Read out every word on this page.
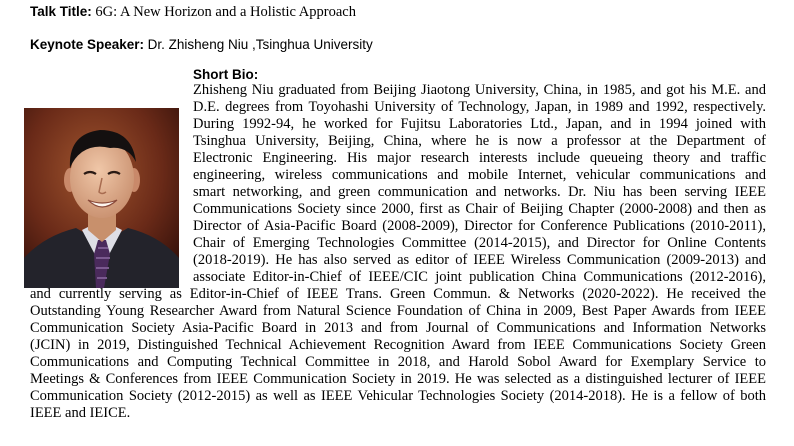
Talk Title: 6G: A New Horizon and a Holistic Approach
Keynote Speaker: Dr. Zhisheng Niu ,Tsinghua University
Short Bio:
Zhisheng Niu graduated from Beijing Jiaotong University, China, in 1985, and got his M.E. and
D.E. degrees from Toyohashi University of Technology, Japan, in 1989 and 1992, respectively.
During 1992-94, he worked for Fujitsu Laboratories Ltd., Japan, and in 1994 joined with
Tsinghua University, Beijing, China, where he is now a professor at the Department of
Electronic Engineering. His major research interests include queueing theory and traffic
engineering, wireless communications and mobile Internet, vehicular communications and
smart networking, and green communication and networks. Dr. Niu has been serving IEEE
Communications Society since 2000, first as Chair of Beijing Chapter (2000-2008) and then as
Director of Asia-Pacific Board (2008-2009), Director for Conference Publications (2010-2011),
Chair of Emerging Technologies Committee (2014-2015), and Director for Online Contents
(2018-2019). He has also served as editor of IEEE Wireless Communication (2009-2013) and
associate Editor-in-Chief of IEEE/CIC joint publication China Communications (2012-2016),
and currently serving as Editor-in-Chief of IEEE Trans. Green Commun. & Networks (2020-2022). He received the
Outstanding Young Researcher Award from Natural Science Foundation of China in 2009, Best Paper Awards from IEEE
Communication Society Asia-Pacific Board in 2013 and from Journal of Communications and Information Networks
(JCIN) in 2019, Distinguished Technical Achievement Recognition Award from IEEE Communications Society Green
Communications and Computing Technical Committee in 2018, and Harold Sobol Award for Exemplary Service to
Meetings & Conferences from IEEE Communication Society in 2019. He was selected as a distinguished lecturer of IEEE
Communication Society (2012-2015) as well as IEEE Vehicular Technologies Society (2014-2018). He is a fellow of both
IEEE and IEICE.
